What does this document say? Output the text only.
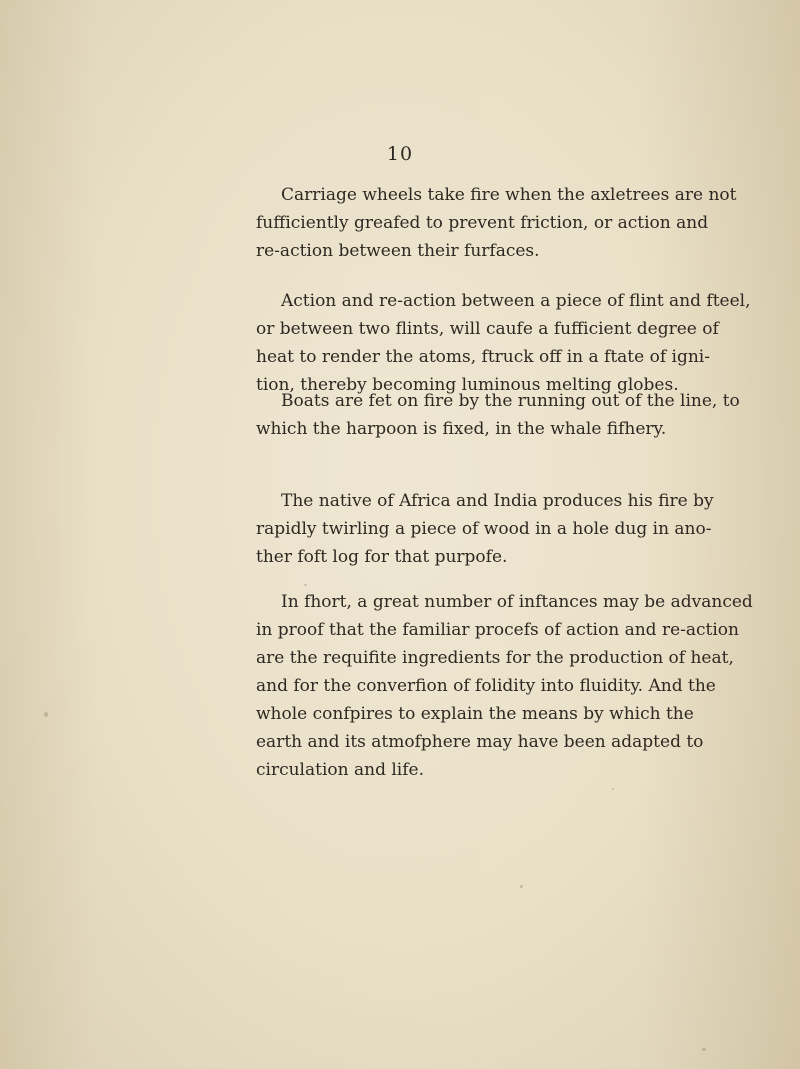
10

Carriage wheels take fire when the axletrees are not
fufficiently greafed to prevent friction, or action and
re-action between their furfaces.

Action and re-action between a piece of flint and fteel,
or between two flints, will caufe a fufficient degree of
heat to render the atoms, ftruck off in a ftate of igni-
tion, thereby becoming luminous melting globes.

Boats are fet on fire by the running out of the line, to
which the harpoon is fixed, in the whale fifhery.

The native of Africa and India produces his fire by
rapidly twirling a piece of wood in a hole dug in ano-
ther foft log for that purpofe.

In fhort, a great number of inftances may be advanced
in proof that the familiar procefs of action and re-action
are the requifite ingredients for the production of heat,
and for the converfion of folidity into fluidity. And the
whole confpires to explain the means by which the
earth and its atmofphere may have been adapted to
circulation and life.
